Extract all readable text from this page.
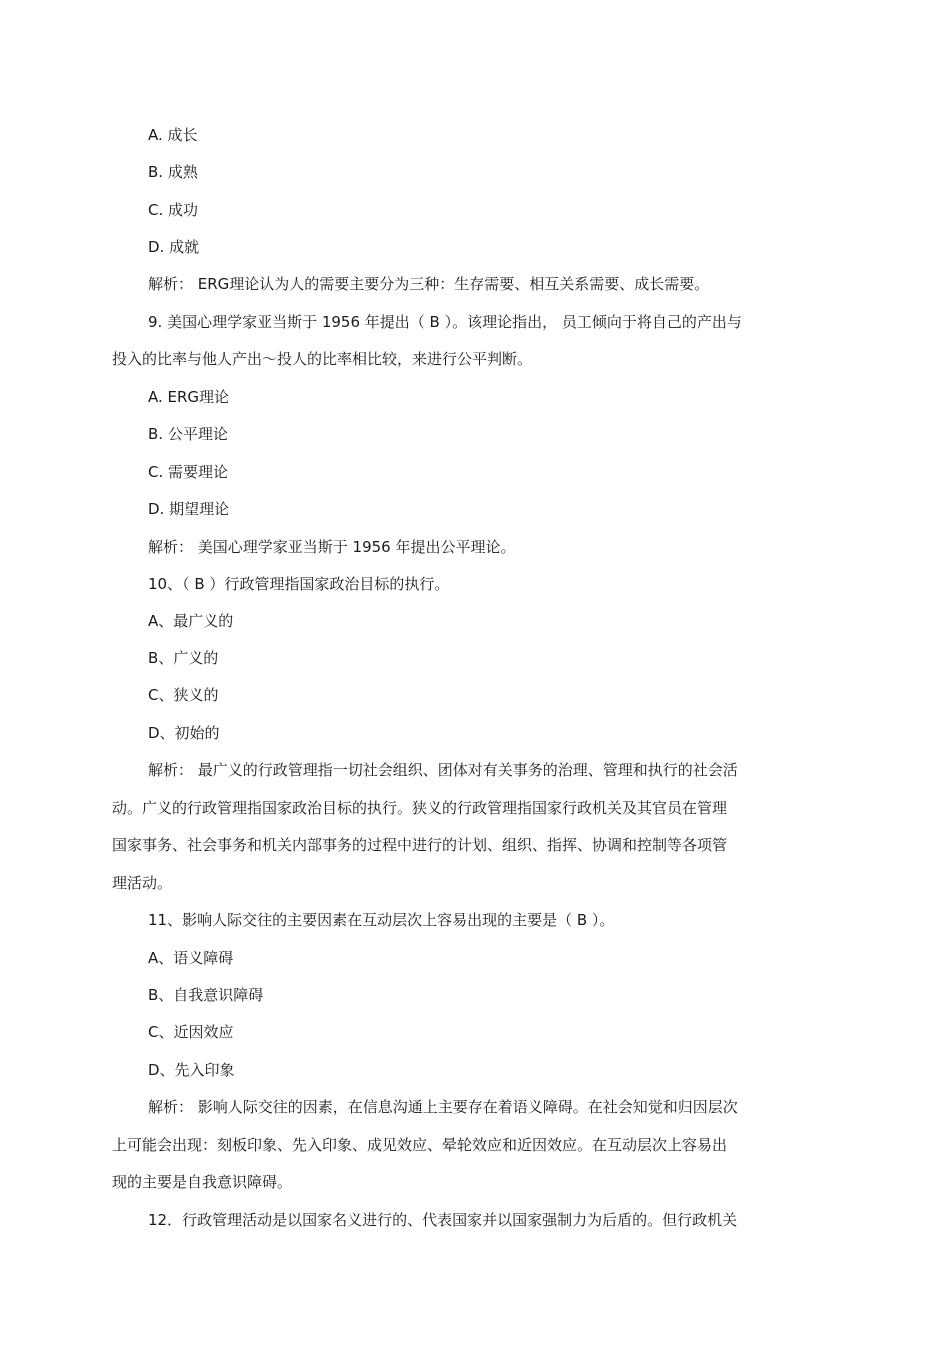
A. 成长
B. 成熟
C. 成功
D. 成就
解析： ERG理论认为人的需要主要分为三种：生存需要、相互关系需要、成长需要。
9. 美国心理学家亚当斯于 1956 年提出（ B ）。该理论指出， 员工倾向于将自己的产出与
投入的比率与他人产出～投人的比率相比较，来进行公平判断。
A. ERG理论
B. 公平理论
C. 需要理论
D. 期望理论
解析： 美国心理学家亚当斯于 1956 年提出公平理论。
10、（ B ）行政管理指国家政治目标的执行。
A、最广义的
B、广义的
C、狭义的
D、初始的
解析： 最广义的行政管理指一切社会组织、团体对有关事务的治理、管理和执行的社会活
动。广义的行政管理指国家政治目标的执行。狭义的行政管理指国家行政机关及其官员在管理
国家事务、社会事务和机关内部事务的过程中进行的计划、组织、指挥、协调和控制等各项管
理活动。
11、影响人际交往的主要因素在互动层次上容易出现的主要是（ B ）。
A、语义障碍
B、自我意识障碍
C、近因效应
D、先入印象
解析： 影响人际交往的因素，在信息沟通上主要存在着语义障碍。在社会知觉和归因层次
上可能会出现：刻板印象、先入印象、成见效应、晕轮效应和近因效应。在互动层次上容易出
现的主要是自我意识障碍。
12．行政管理活动是以国家名义进行的、代表国家并以国家强制力为后盾的。但行政机关
